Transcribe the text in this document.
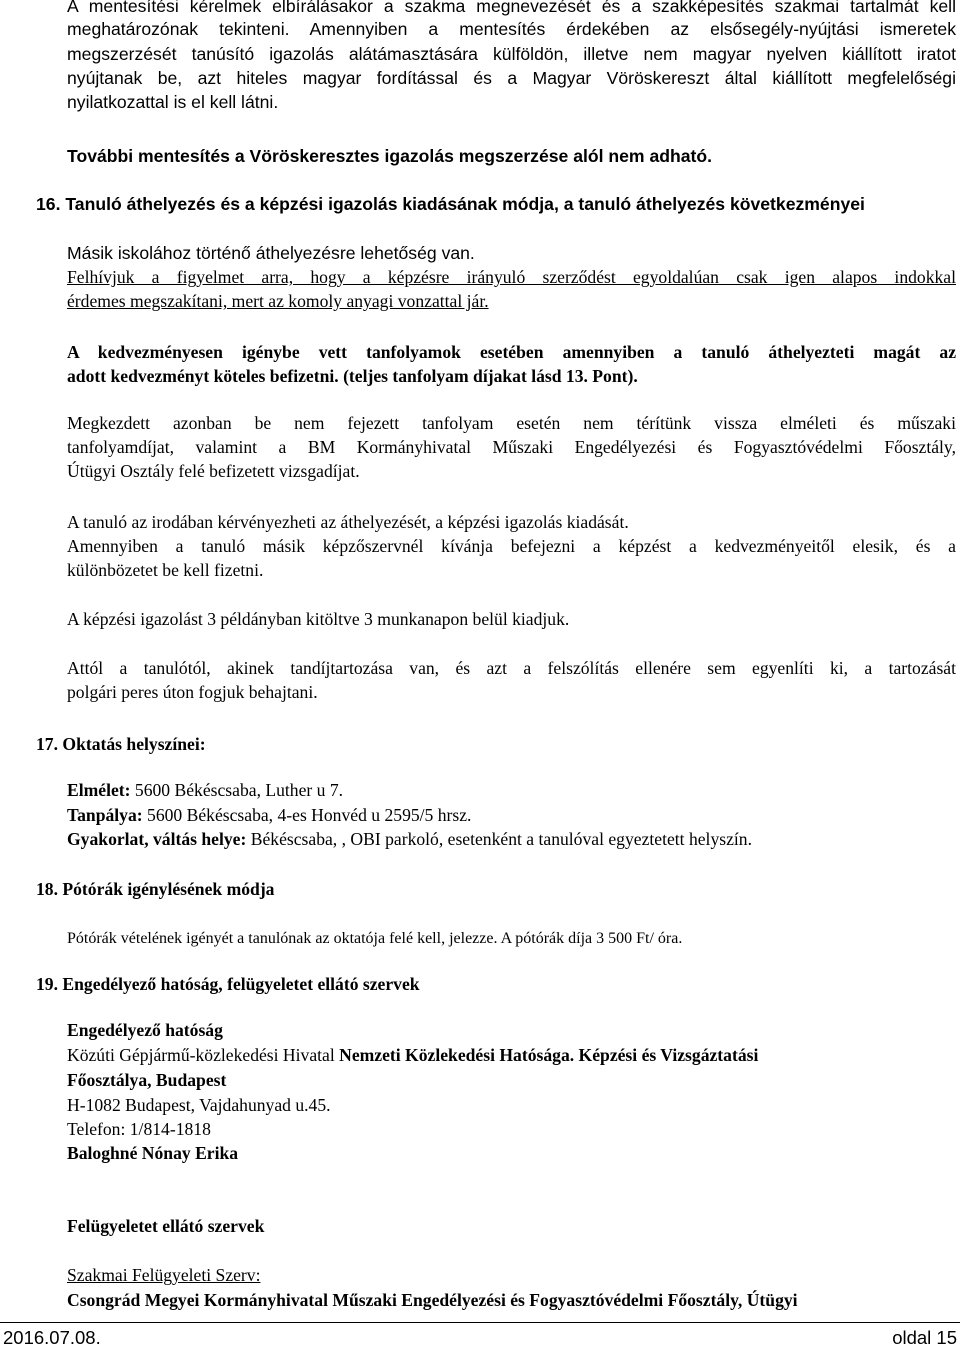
A mentesítési kérelmek elbírálásakor a szakma megnevezését és a szakképesítés szakmai tartalmát kell
meghatározónak tekinteni. Amennyiben a mentesítés érdekében az elsősegély-nyújtási ismeretek
megszerzését tanúsító igazolás alátámasztására külföldön, illetve nem magyar nyelven kiállított iratot
nyújtanak be, azt hiteles magyar fordítással és a Magyar Vöröskereszt által kiállított megfelelőségi
nyilatkozattal is el kell látni.
További mentesítés a Vöröskeresztes igazolás megszerzése alól nem adható.
16. Tanuló áthelyezés és a képzési igazolás kiadásának módja, a tanuló áthelyezés következményei
Másik iskolához történő áthelyezésre lehetőség van.
Felhívjuk a figyelmet arra, hogy a képzésre irányuló szerződést egyoldalúan csak igen alapos indokkal
érdemes megszakítani, mert az komoly anyagi vonzattal jár.
A kedvezményesen igénybe vett tanfolyamok esetében amennyiben a tanuló áthelyezteti magát az
adott kedvezményt köteles befizetni. (teljes tanfolyam díjakat lásd 13. Pont).
Megkezdett azonban be nem fejezett tanfolyam esetén nem térítünk vissza elméleti és műszaki
tanfolyamdíjat, valamint a BM Kormányhivatal Műszaki Engedélyezési és Fogyasztóvédelmi Főosztály,
Útügyi Osztály felé befizetett vizsgadíjat.
A tanuló az irodában kérvényezheti az áthelyezését, a képzési igazolás kiadását.
Amennyiben a tanuló másik képzőszervnél kívánja befejezni a képzést a kedvezményeitől elesik, és a
különbözetet be kell fizetni.
A képzési igazolást 3 példányban kitöltve 3 munkanapon belül kiadjuk.
Attól a tanulótól, akinek tandíjtartozása van, és azt a felszólítás ellenére sem egyenlíti ki, a tartozását
polgári peres úton fogjuk behajtani.
17. Oktatás helyszínei:
Elmélet: 5600 Békéscsaba, Luther u 7.
Tanpálya: 5600 Békéscsaba, 4-es Honvéd u 2595/5 hrsz.
Gyakorlat, váltás helye: Békéscsaba, , OBI parkoló, esetenként a tanulóval egyeztetett helyszín.
18. Pótórák igénylésének módja
Pótórák vételének igényét a tanulónak az oktatója felé kell, jelezze. A pótórák díja 3 500 Ft/ óra.
19. Engedélyező hatóság, felügyeletet ellátó szervek
Engedélyező hatóság
Közúti Gépjármű-közlekedési Hivatal Nemzeti Közlekedési Hatósága. Képzési és Vizsgáztatási
Főosztálya, Budapest
H-1082 Budapest, Vajdahunyad u.45.
Telefon: 1/814-1818
Baloghné Nónay Erika
Felügyeletet ellátó szervek
Szakmai Felügyeleti Szerv:
Csongrád Megyei Kormányhivatal Műszaki Engedélyezési és Fogyasztóvédelmi Főosztály, Útügyi
2016.07.08.	oldal 15
